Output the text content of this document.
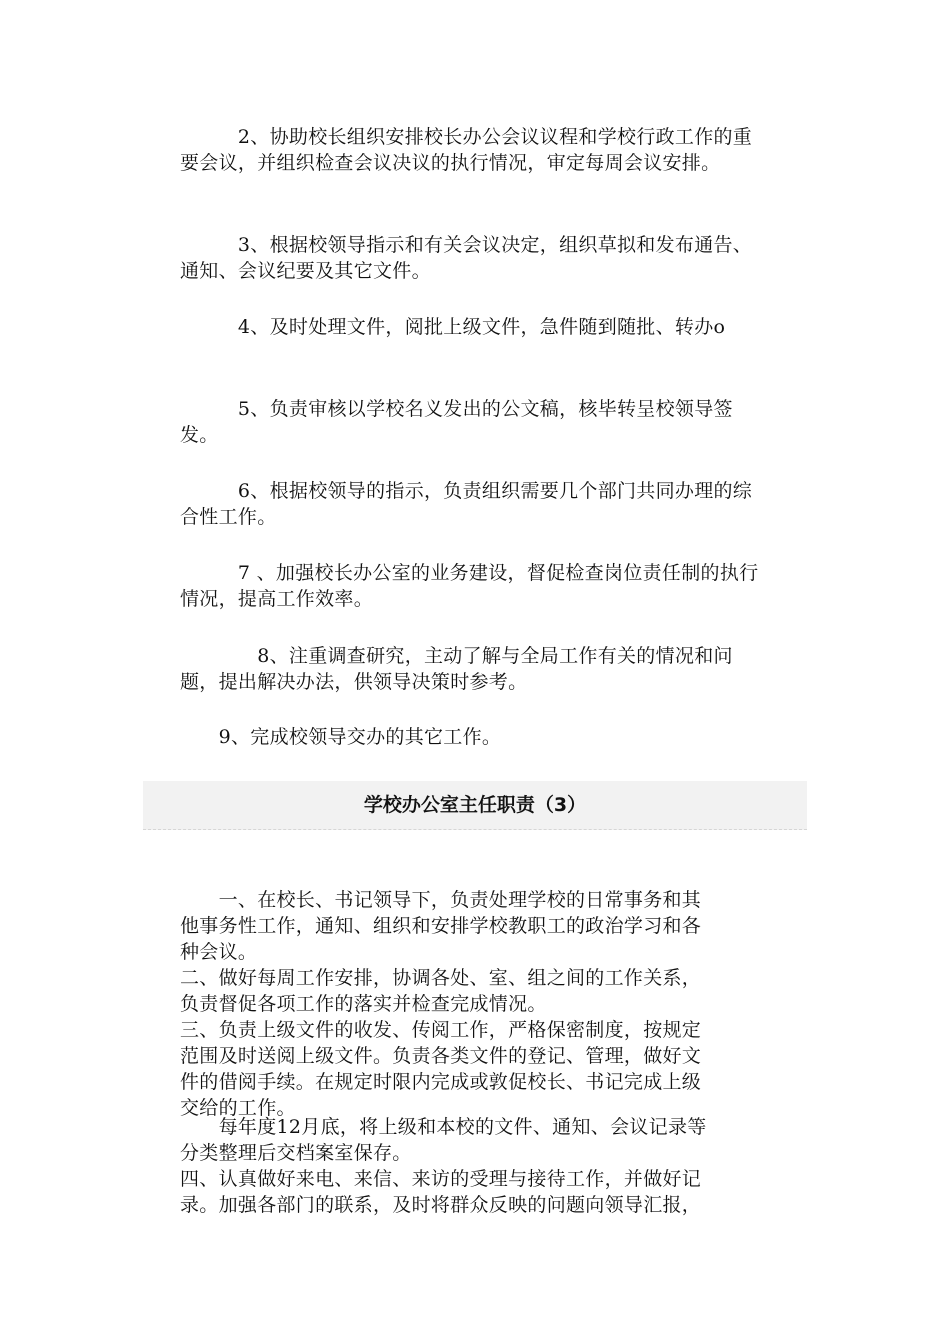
　　　2、协助校长组织安排校长办公会议议程和学校行政工作的重要会议，并组织检查会议决议的执行情况，审定每周会议安排。

　　　3、根据校领导指示和有关会议决定，组织草拟和发布通告、通知、会议纪要及其它文件。

　　　4、及时处理文件，阅批上级文件，急件随到随批、转办o

　　　5、负责审核以学校名义发出的公文稿，核毕转呈校领导签发。

　　　6、根据校领导的指示，负责组织需要几个部门共同办理的综合性工作。

　　　7 、加强校长办公室的业务建设，督促检查岗位责任制的执行情况，提高工作效率。

　　　　8、注重调查研究，主动了解与全局工作有关的情况和问题，提出解决办法，供领导决策时参考。

　　9、完成校领导交办的其它工作。

学校办公室主任职责（3）

　　一、在校长、书记领导下，负责处理学校的日常事务和其

他事务性工作，通知、组织和安排学校教职工的政治学习和各

种会议。

二、做好每周工作安排，协调各处、室、组之间的工作关系，

负责督促各项工作的落实并检查完成情况。

三、负责上级文件的收发、传阅工作，严格保密制度，按规定

范围及时送阅上级文件。负责各类文件的登记、管理，做好文

件的借阅手续。在规定时限内完成或敦促校长、书记完成上级

交给的工作。

　　每年度12月底，将上级和本校的文件、通知、会议记录等

分类整理后交档案室保存。

四、认真做好来电、来信、来访的受理与接待工作，并做好记

录。加强各部门的联系，及时将群众反映的问题向领导汇报，
